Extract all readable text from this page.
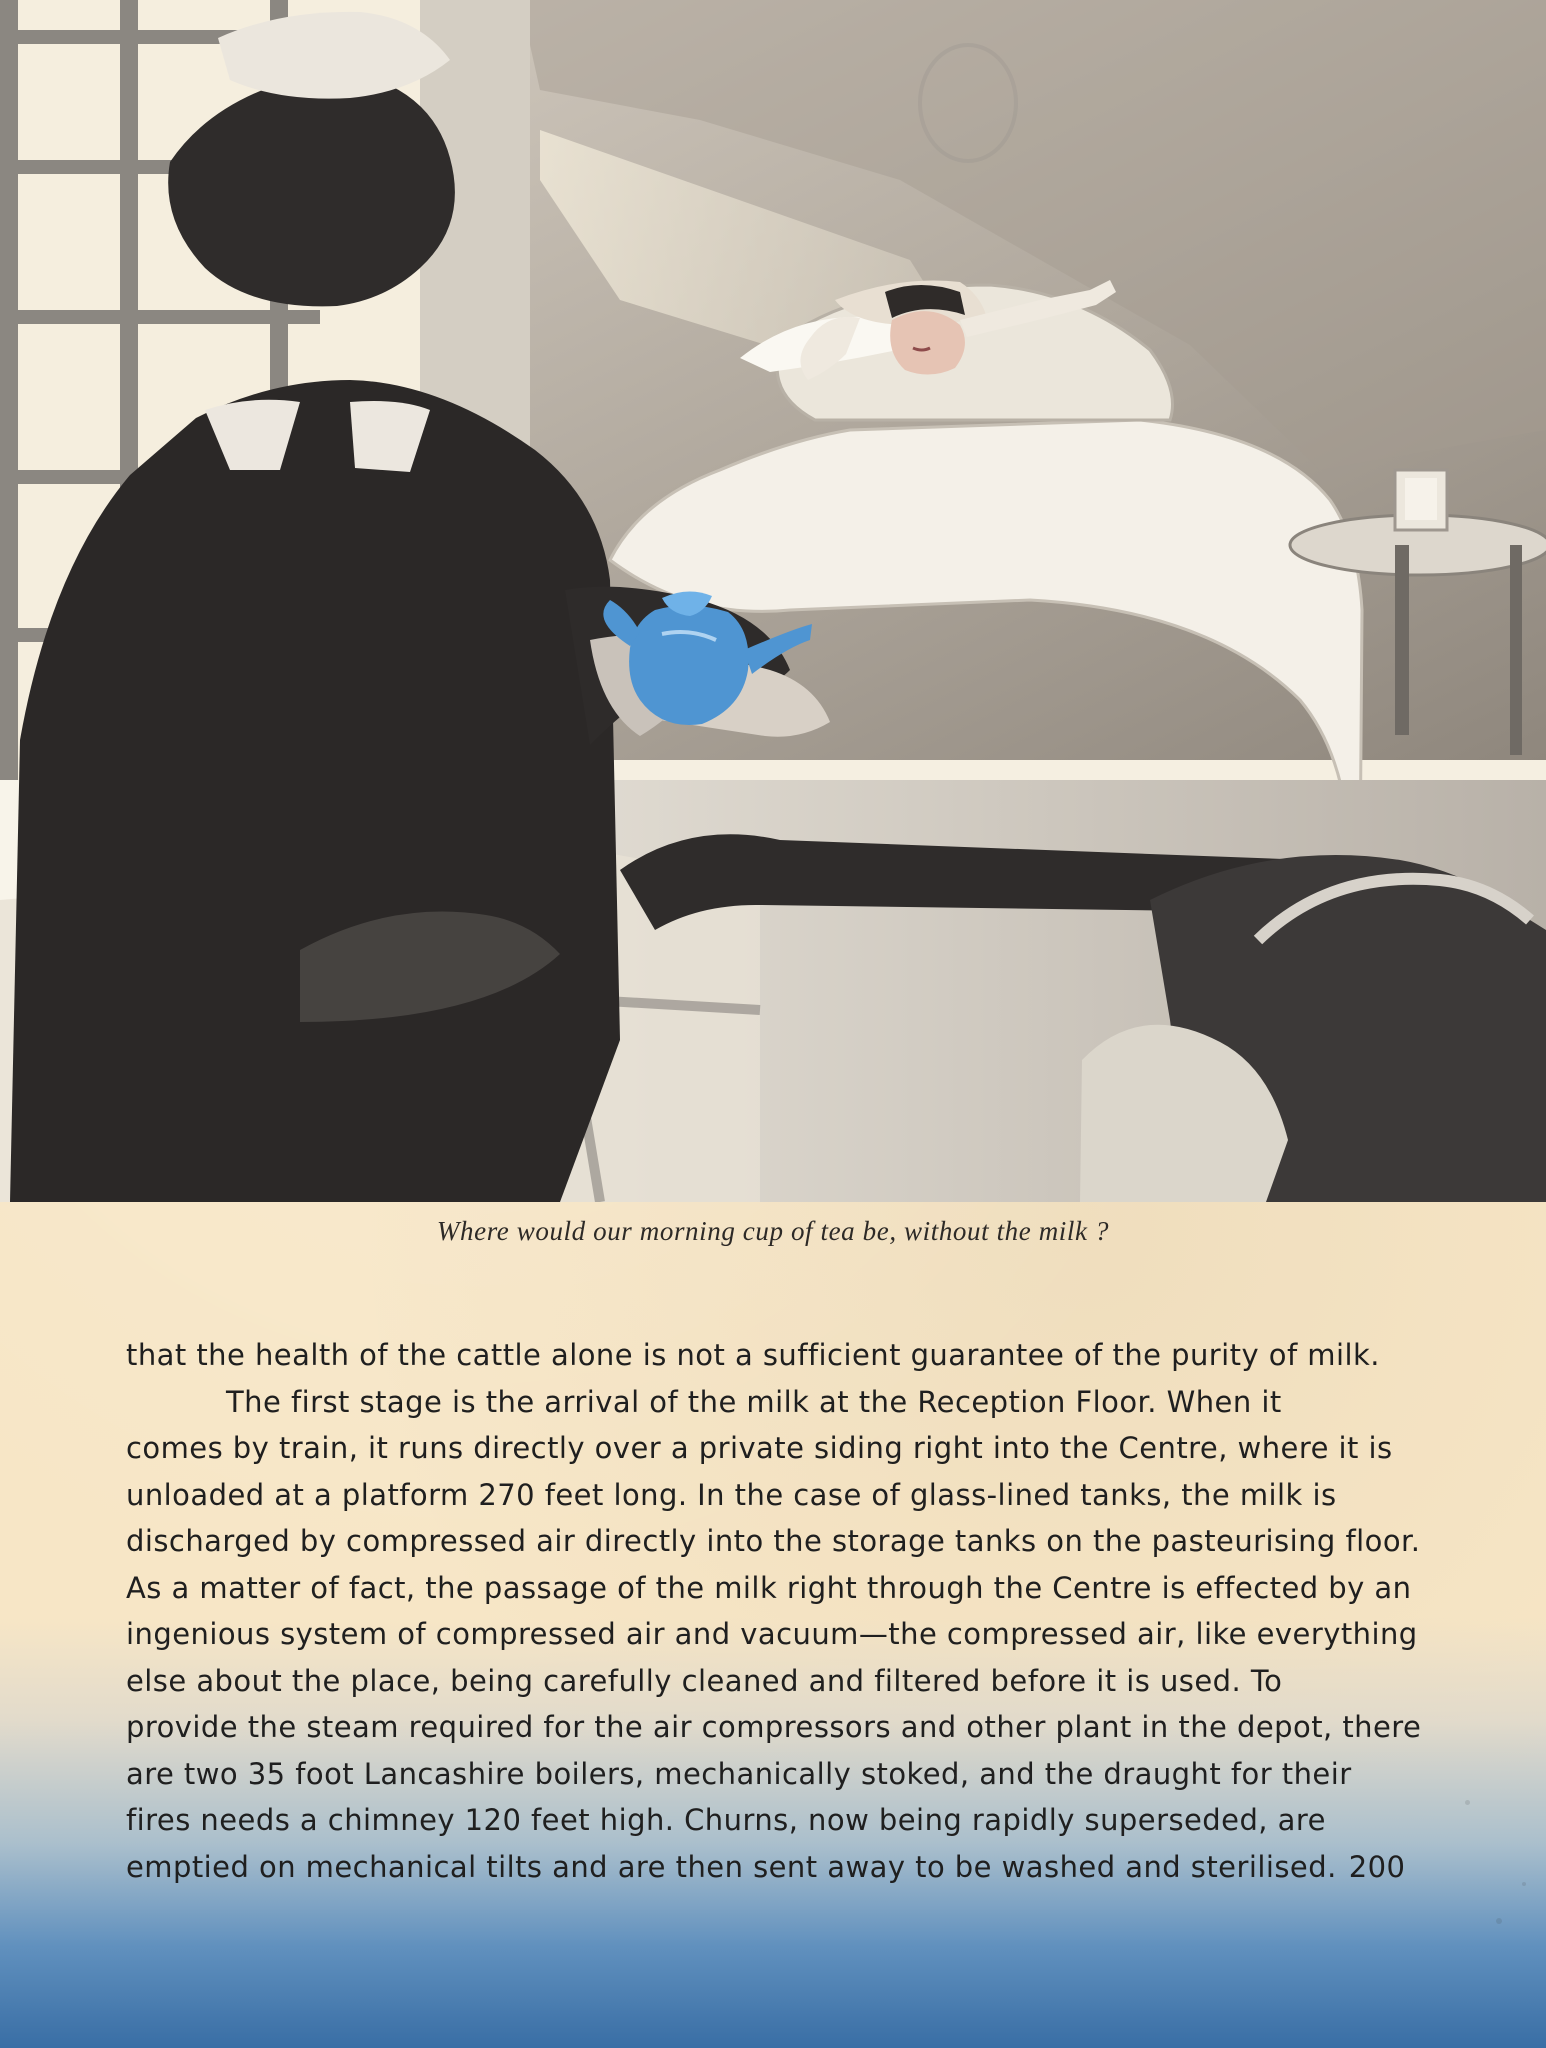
Where would our morning cup of tea be, without the milk ?
that the health of the cattle alone is not a sufficient guarantee of the purity of milk.
The first stage is the arrival of the milk at the Reception Floor. When it
comes by train, it runs directly over a private siding right into the Centre, where it is
unloaded at a platform 270 feet long. In the case of glass-lined tanks, the milk is
discharged by compressed air directly into the storage tanks on the pasteurising floor.
As a matter of fact, the passage of the milk right through the Centre is effected by an
ingenious system of compressed air and vacuum—the compressed air, like everything
else about the place, being carefully cleaned and filtered before it is used. To
provide the steam required for the air compressors and other plant in the depot, there
are two 35 foot Lancashire boilers, mechanically stoked, and the draught for their
fires needs a chimney 120 feet high. Churns, now being rapidly superseded, are
emptied on mechanical tilts and are then sent away to be washed and sterilised. 200
